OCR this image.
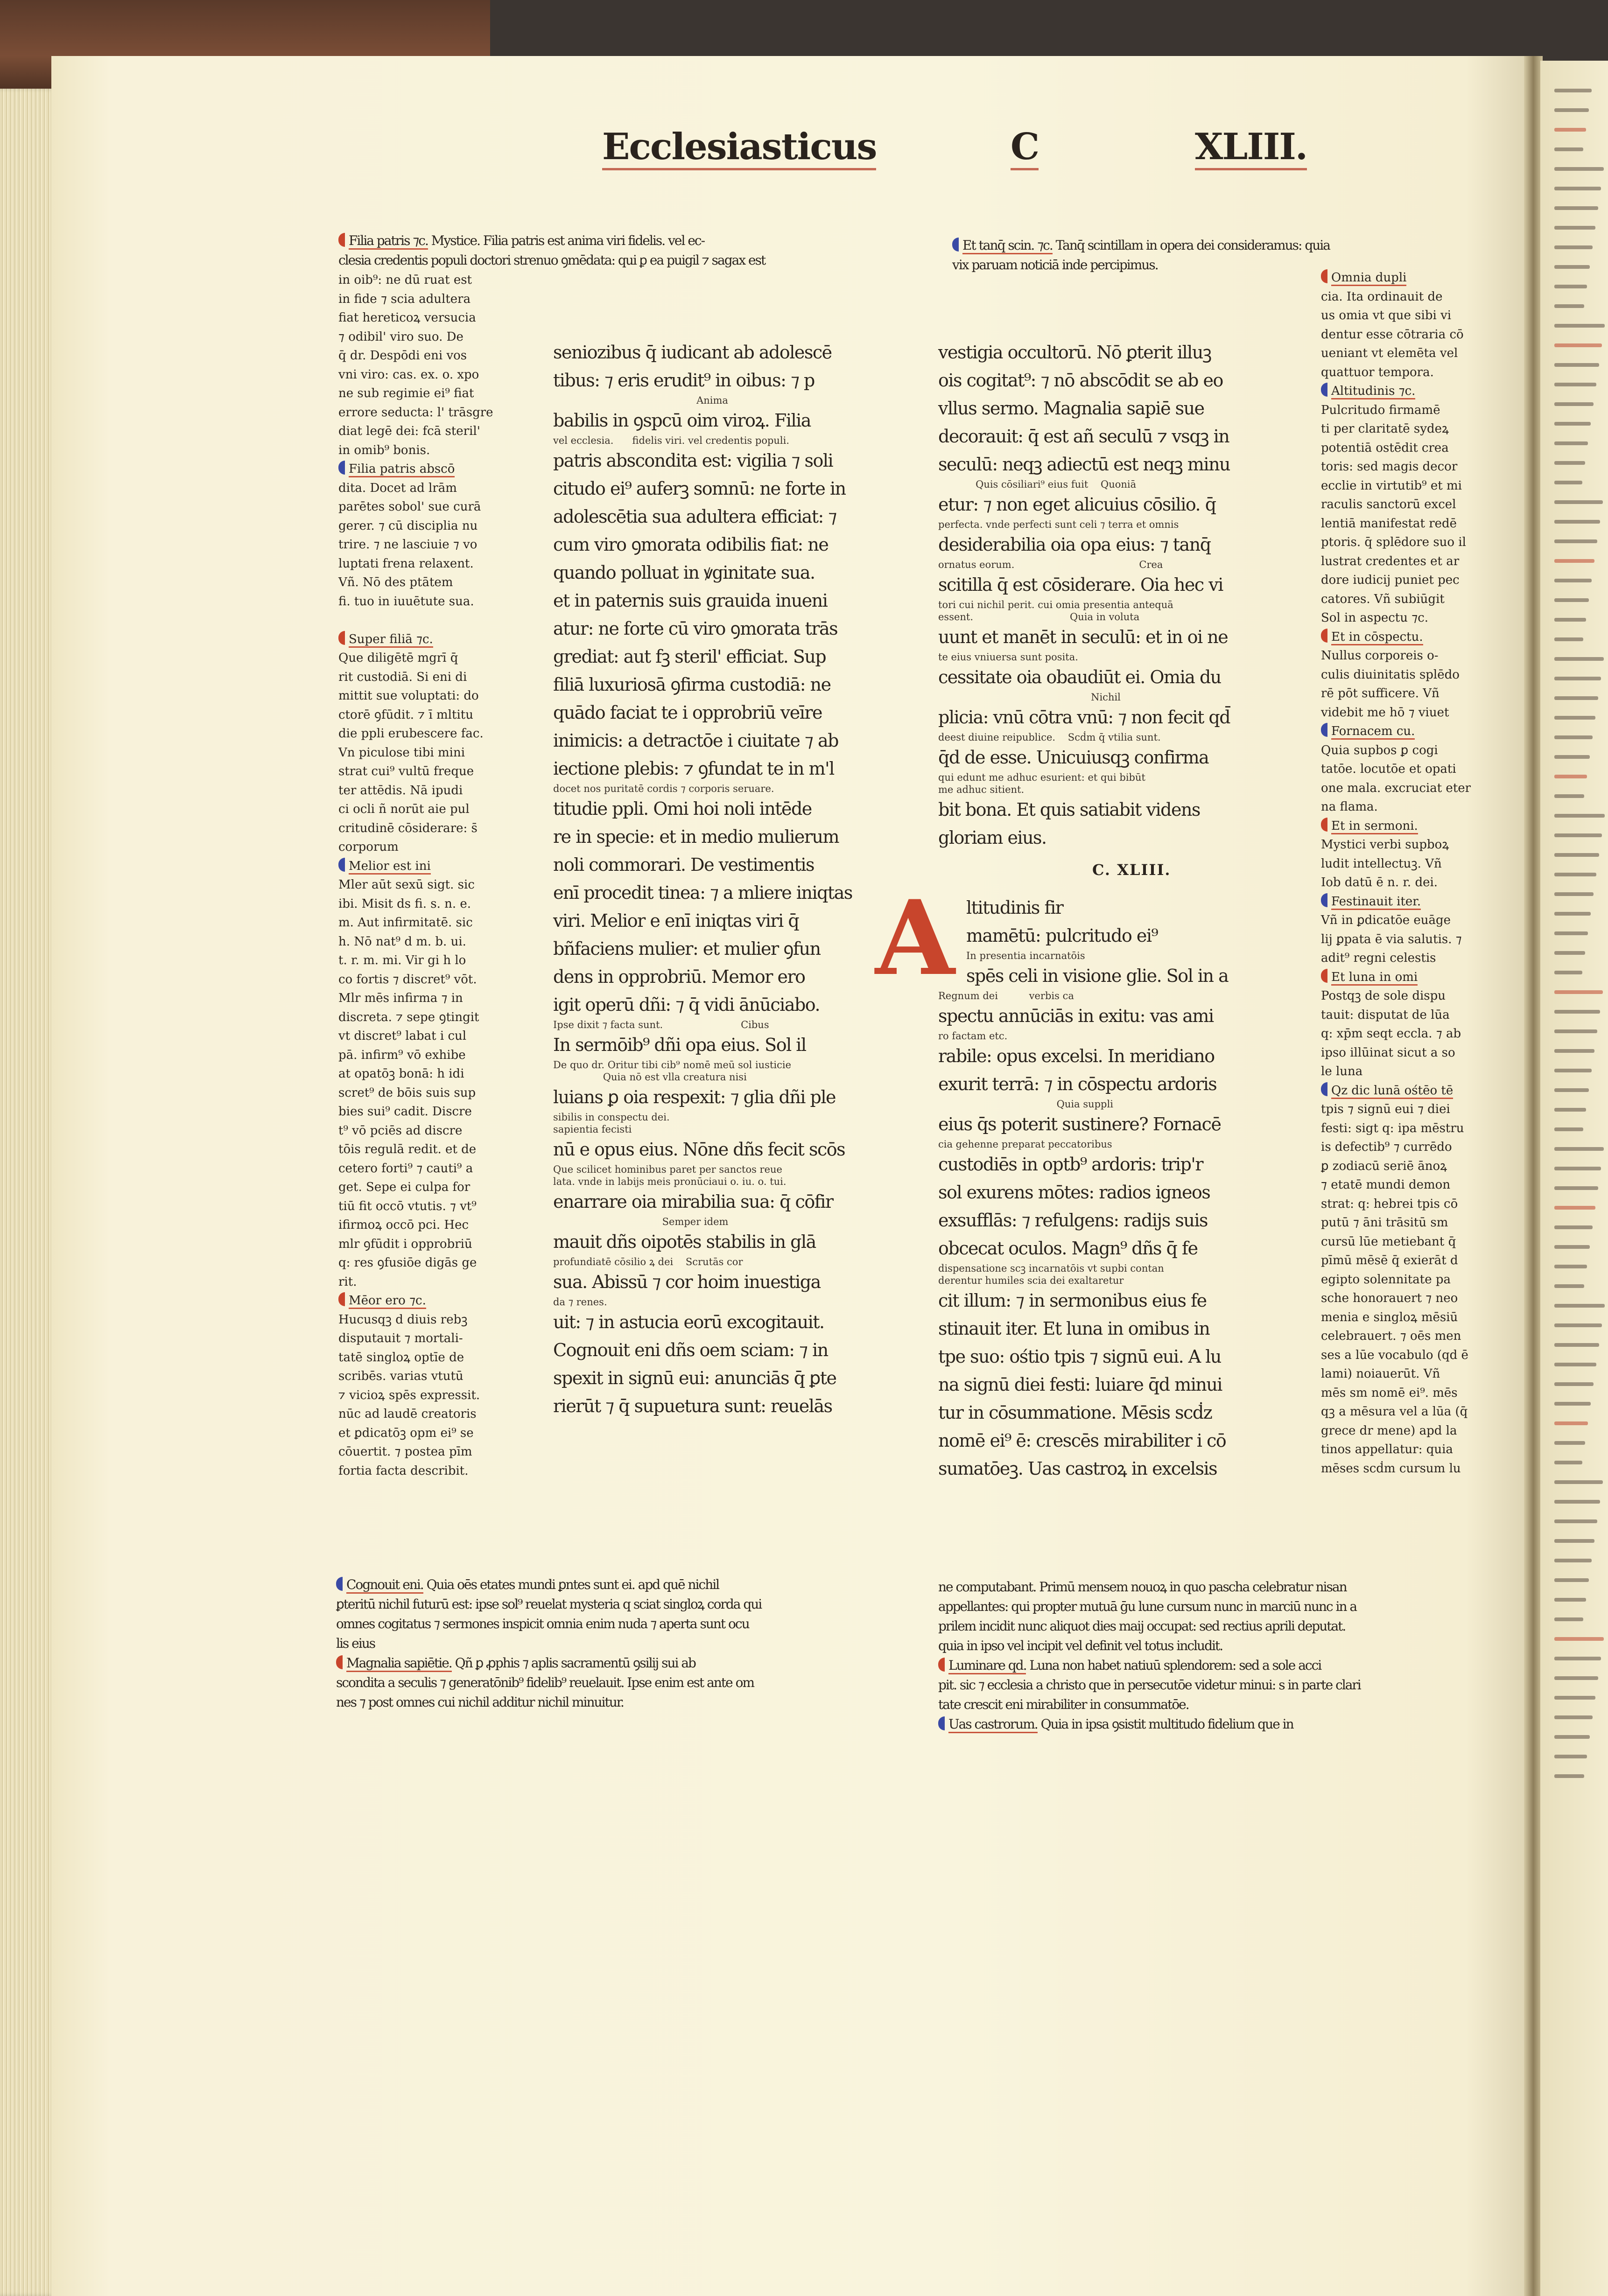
Ecclesiasticus	C	XLIII.
Filia patris ⁊c. Mystice. Filia patris est anima viri fidelis. vel ec-
clesia credentis populi doctori strenuo ꝯmēdata: qui ꝑ ea puigil ⁊ sagax est
in oib⁹: ne dū ruat est
in fide ⁊ scia adultera
fiat hereticoꝝ versucia
⁊ odibil' viro suo. De
q̄ dr. Despōdi eni vos
vni viro: cas. ex. o. xpo
ne sub regimie ei⁹ fiat
errore seducta: l' trāsgre
diat legē dei: fcā steril'
in omib⁹ bonis.
Filia patris abscō
dita. Docet ad lrām
parētes sobol' sue curā
gerer. ⁊ cū disciplia nu
trire. ⁊ ne lasciuie ⁊ vo
luptati frena relaxent.
Vñ. Nō des ptātem
fi. tuo in iuuētute sua.

Super filiā ⁊c.
Que diligētē mgrī q̄
rit custodiā. Si eni di
mittit sue voluptati: do
ctorē ꝯfūdit. ⁊ ī mltitu
die ppli erubescere fac.
Vn piculose tibi mini
strat cui⁹ vultū freque
ter attēdis. Nā ipudi
ci ocli ñ norūt aie pul
critudinē cōsiderare: s̄
corporum
Melior est ini
Mler aūt sexū sigt. sic
ibi. Misit ds fi. s. n. e.
m. Aut infirmitatē. sic
h. Nō nat⁹ d m. b. ui.
t. r. m. mi. Vir gi h lo
co fortis ⁊ discret⁹ vōt.
Mlr mēs infirma ⁊ in
discreta. ⁊ sepe ꝯtingit
vt discret⁹ labat i cul
pā. infirm⁹ vō exhibe
at opatōꝫ bonā: h idi
scret⁹ de bōis suis sup
bies sui⁹ cadit. Discre
t⁹ vō pciēs ad discre
tōis regulā redit. et de
cetero forti⁹ ⁊ cauti⁹ a
get. Sepe ei culpa for
tiū fit occō vtutis. ⁊ vt⁹
ifirmoꝝ occō pci. Hec
mlr ꝯfūdit i opprobriū
q: res ꝯfusiōe digās ge
rit.
Mēor ero ⁊c.
Hucusqꝫ d diuis rebꝫ
disputauit ⁊ mortali-
tatē singloꝝ optīe de
scribēs. varias vtutū
⁊ vicioꝝ spēs expressit.
nūc ad laudē creatoris
et ꝑdicatōꝫ opm ei⁹ se
cōuertit. ⁊ postea pīm
fortia facta describit.
seniozibus q̄ iudicant ab adolescē
tibus: ⁊ eris erudit⁹ in oibus: ⁊ p
Anima
babilis in ꝯspcū oim viroꝝ. Filia
vel ecclesia.      fidelis viri. vel credentis populi.
patris abscondita est: vigilia ⁊ soli
citudo ei⁹ auferꝫ somnū: ne forte in
adolescētia sua adultera efficiat: ⁊
cum viro ꝯmorata odibilis fiat: ne
quando polluat in ꝟginitate sua.
et in paternis suis grauida inueni
atur: ne forte cū viro ꝯmorata trās
grediat: aut fꝫ steril' efficiat. Sup
filiā luxuriosā ꝯfirma custodiā: ne
quādo faciat te i opprobriū veīre
inimicis: a detractōe i ciuitate ⁊ ab
iectione plebis: ⁊ ꝯfundat te in m'l
docet nos puritatē cordis ⁊ corporis seruare.
titudie ppli. Omi hoi noli intēde
re in specie: et in medio mulierum
noli commorari. De vestimentis
enī procedit tinea: ⁊ a mliere iniqtas
viri. Melior e enī iniqtas viri q̄
bñfaciens mulier: et mulier ꝯfun
dens in opprobriū. Memor ero
igit operū dñi: ⁊ q̄ vidi ānūciabo.
Ipse dixit ⁊ facta sunt.                         Cibus
In sermōib⁹ dñi opa eius. Sol il
De quo dr. Oritur tibi cib⁹ nomē meū sol iusticie
Quia nō est vlla creatura nisi
luians ꝑ oia respexit: ⁊ glia dñi ple
sibilis in conspectu dei.
sapientia fecisti
nū e opus eius. Nōne dñs fecit scōs
Que scilicet hominibus paret per sanctos reue
lata. vnde in labijs meis pronūciaui o. iu. o. tui.
enarrare oia mirabilia sua: q̄ cōfir
Semper idem
mauit dñs oipotēs stabilis in glā
profundiatē cōsilio ꝝ dei    Scrutās cor
sua. Abissū ⁊ cor hoim inuestiga
da ⁊ renes.
uit: ⁊ in astucia eorū excogitauit.
Cognouit eni dñs oem sciam: ⁊ in
spexit in signū eui: anunciās q̄ ꝑte
rierūt ⁊ q̄ supuetura sunt: reuelās
Et tanq̄ scin. ⁊c. Tanq̄ scintillam in opera dei consideramus: quia
vix paruam noticiā inde percipimus.
vestigia occultorū. Nō ꝑterit illuꝫ
ois cogitat⁹: ⁊ nō abscōdit se ab eo
vllus sermo. Magnalia sapiē sue
decorauit: q̄ est añ seculū ⁊ vsqꝫ in
seculū: neqꝫ adiectū est neqꝫ minu
Quis cōsiliari⁹ eius fuit    Quoniā
etur: ⁊ non eget alicuius cōsilio. q̄
perfecta. vnde perfecti sunt celi ⁊ terra et omnis
desiderabilia oia opa eius: ⁊ tanq̄
ornatus eorum.                                        Crea
scitilla q̄ est cōsiderare. Oia hec vi
tori cui nichil perit. cui omia presentia antequā
essent.                               Quia in voluta
uunt et manēt in seculū: et in oi ne
te eius vniuersa sunt posita.
cessitate oia obaudiūt ei. Omia du
Nichil
plicia: vnū cōtra vnū: ⁊ non fecit qd̄
deest diuine reipublice.    Scḋm q̄ vtilia sunt.
q̄d de esse. Unicuiusqꝫ confirma
qui edunt me adhuc esurient: et qui bibūt
me adhuc sitient.
bit bona. Et quis satiabit videns
gloriam eius.
C. XLIII.
A ltitudinis fir
mamētū: pulcritudo ei⁹
In presentia incarnatōis
spēs celi in visione glie. Sol in a
Regnum dei          verbis ca
spectu annūciās in exitu: vas ami
ro factam etc.
rabile: opus excelsi. In meridiano
exurit terrā: ⁊ in cōspectu ardoris
Quia suppli
eius q̄s poterit sustinere? Fornacē
cia gehenne preparat peccatoribus
custodiēs in optb⁹ ardoris: trip'r
sol exurens mōtes: radios igneos
exsufflās: ⁊ refulgens: radijs suis
obcecat oculos. Magn⁹ dñs q̄ fe
dispensatione scꝫ incarnatōis vt supbi contan
derentur humiles scia dei exaltaretur
cit illum: ⁊ in sermonibus eius fe
stinauit iter. Et luna in omibus in
tpe suo: ośtio tpis ⁊ signū eui. A lu
na signū diei festi: luiare q̄d minui
tur in cōsummatione. Mēsis scḋz
nomē ei⁹ ē: crescēs mirabiliter i cō
sumatōeꝫ. Uas castroꝝ in excelsis
Omnia dupli
cia. Ita ordinauit de
us omia vt que sibi vi
dentur esse cōtraria cō
ueniant vt elemēta vel
quattuor tempora.
Altitudinis ⁊c.
Pulcritudo firmamē
ti per claritatē sydeꝝ
potentiā ostēdit crea
toris: sed magis decor
ecclie in virtutib⁹ et mi
raculis sanctorū excel
lentiā manifestat redē
ptoris. q̄ splēdore suo il
lustrat credentes et ar
dore iudicij puniet pec
catores. Vñ subiūgit
Sol in aspectu ⁊c.
Et in cōspectu.
Nullus corporeis o-
culis diuinitatis splēdo
rē pōt sufficere. Vñ
videbit me hō ⁊ viuet
Fornacem cu.
Quia supbos ꝑ cogi
tatōe. locutōe et opati
one mala. excruciat eter
na flama.
Et in sermoni.
Mystici verbi supboꝝ
ludit intellectuꝫ. Vñ
Iob datū ē n. r. dei.
Festinauit iter.
Vñ in ꝑdicatōe euāge
lij ꝑpata ē via salutis. ⁊
adit⁹ regni celestis
Et luna in omi
Postqꝫ de sole dispu
tauit: disputat de lūa
q: xp̄m seqt eccla. ⁊ ab
ipso illūinat sicut a so
le luna
Qz dic lunā ośtēo tē
tpis ⁊ signū eui ⁊ diei
festi: sigt q: ipa mēstru
is defectib⁹ ⁊ currēdo
ꝑ zodiacū seriē ānoꝝ
⁊ etatē mundi demon
strat: q: hebrei tpis cō
putū ⁊ āni trāsitū sm
cursū lūe metiebant q̄
pīmū mēsē q̄ exierāt d
egipto solennitate pa
sche honorauert ⁊ neo
menia e singloꝝ mēsiū
celebrauert. ⁊ oēs men
ses a lūe vocabulo (qd ē
lami) noiauerūt. Vñ
mēs sm nomē ei⁹. mēs
qꝫ a mēsura vel a lūa (q̄
grece dr mene) apd la
tinos appellatur: quia
mēses scḋm cursum lu
Cognouit eni. Quia oēs etates mundi ꝑntes sunt ei. apd quē nichil
ꝑteritū nichil futurū est: ipse sol⁹ reuelat mysteria q sciat singloꝝ corda qui
omnes cogitatus ⁊ sermones inspicit omnia enim nuda ⁊ aperta sunt ocu
lis eius
Magnalia sapiētie. Qñ ꝑ ꝓphis ⁊ aplis sacramentū ꝯsilij sui ab
scondita a seculis ⁊ generatōnib⁹ fidelib⁹ reuelauit. Ipse enim est ante om
nes ⁊ post omnes cui nichil additur nichil minuitur.
ne computabant. Primū mensem nouoꝝ in quo pascha celebratur nisan
appellantes: qui propter mutuā ḡu lune cursum nunc in marciū nunc in a
prilem incidit nunc aliquot dies maij occupat: sed rectius aprili deputat.
quia in ipso vel incipit vel definit vel totus includit.
Luminare qd. Luna non habet natiuū splendorem: sed a sole acci
pit. sic ⁊ ecclesia a christo que in persecutōe videtur minui: s in parte clari
tate crescit eni mirabiliter in consummatōe.
Uas castrorum. Quia in ipsa ꝯsistit multitudo fidelium que in
